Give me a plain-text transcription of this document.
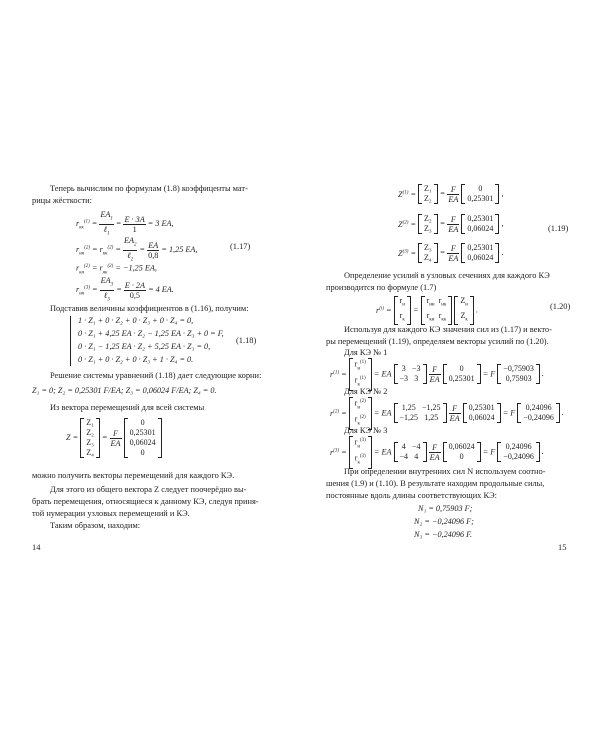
Теперь вычислим по формулам (1.8) коэффиценты мат-
рицы жёсткости:
$r_{кк}^{(1)} = \frac{EA_1}{\ell_1} = \frac{E \cdot 3A}{1} = 3$ EA,
$r_{нн}^{(2)} = r_{кк}^{(2)} = \frac{EA_2}{\ell_2} = \frac{EA}{0,8} = 1,25$ EA,	(1.17)
$r_{кн}^{(2)} = r_{нк}^{(2)} = -1,25$ EA,
$r_{нн}^{(3)} = \frac{EA_3}{\ell_3} = \frac{E \cdot 2A}{0,5} = 4$ EA.
Подставив величины коэффициентов в (1.16), получим:
1 · Z₁ + 0 · Z₂ + 0 · Z₃ + 0 · Z₄ = 0,
0 · Z₁ + 4,25 EA · Z₂ − 1,25 EA · Z₃ + 0 = F,
0 · Z₁ − 1,25 EA · Z₂ + 5,25 EA · Z₃ = 0,
0 · Z₁ + 0 · Z₂ + 0 · Z₃ + 1 · Z₄ = 0.
(1.18)
Решение системы уравнений (1.18) дает следующие корни:
Z₁ = 0; Z₂ = 0,25301 F/EA; Z₃ = 0,06024 F/EA; Z₄ = 0.
Из вектора перемещений для всей системы
Z =
Z₁
Z₂
Z₃
Z₄
= $\frac{F}{EA}$

0
0,25301
0,06024
0
можно получить векторы перемещений для каждого КЭ.
Для этого из общего вектора Z следует поочерёдно вы-
брать перемещения, относящиеся к данному КЭ, следуя приня-
той нумерации узловых перемещений и КЭ.
Таким образом, находим:
14
$Z^{(1)}$ =
Z₁
Z₂
= $\frac{F}{EA}$
0
0,25301
,
$Z^{(2)}$ =
Z₂
Z₃
= $\frac{F}{EA}$
0,25301
0,06024
,
(1.19)
$Z^{(3)}$ =
Z₃
Z₄
= $\frac{F}{EA}$
0,25301
0,06024
.
Определение усилий в узловых сечениях для каждого КЭ
производится по формуле (1.7)
$r^{(i)}$ =
$r_н$
$r_к$
=
$r_{нн}$	$r_{нк}$
$r_{кн}$	$r_{кк}$

$Z_н$
$Z_к$
.	(1.20)
Используя для каждого КЭ значения сил из (1.17) и векто-
ры перемещений (1.19), определяем векторы усилий по (1.20).
Для КЭ № 1
$r^{(1)}$ =
$r_н^{(1)}$
$r_к^{(1)}$
= EA
3	−3
−3	3
$\frac{F}{EA}$
0
0,25301
= F
−0,75903
0,75903
.
Для КЭ № 2
$r^{(2)}$ =
$r_н^{(2)}$
$r_к^{(2)}$
= EA
1,25	−1,25
−1,25	1,25
$\frac{F}{EA}$
0,25301
0,06024
= F
0,24096
−0,24096
.
Для КЭ № 3
$r^{(3)}$ =
$r_н^{(3)}$
$r_к^{(3)}$
= EA
4	−4
−4	4
$\frac{F}{EA}$
0,06024
0
= F
0,24096
−0,24096
.
При определении внутренних сил N используем соотно-
шения (1.9) и (1.10). В результате находим продольные силы,
постоянные вдоль длины соответствующих КЭ:
N₁ = 0,75903 F;
N₂ = −0,24096 F;
N₃ = −0,24096 F.
15
